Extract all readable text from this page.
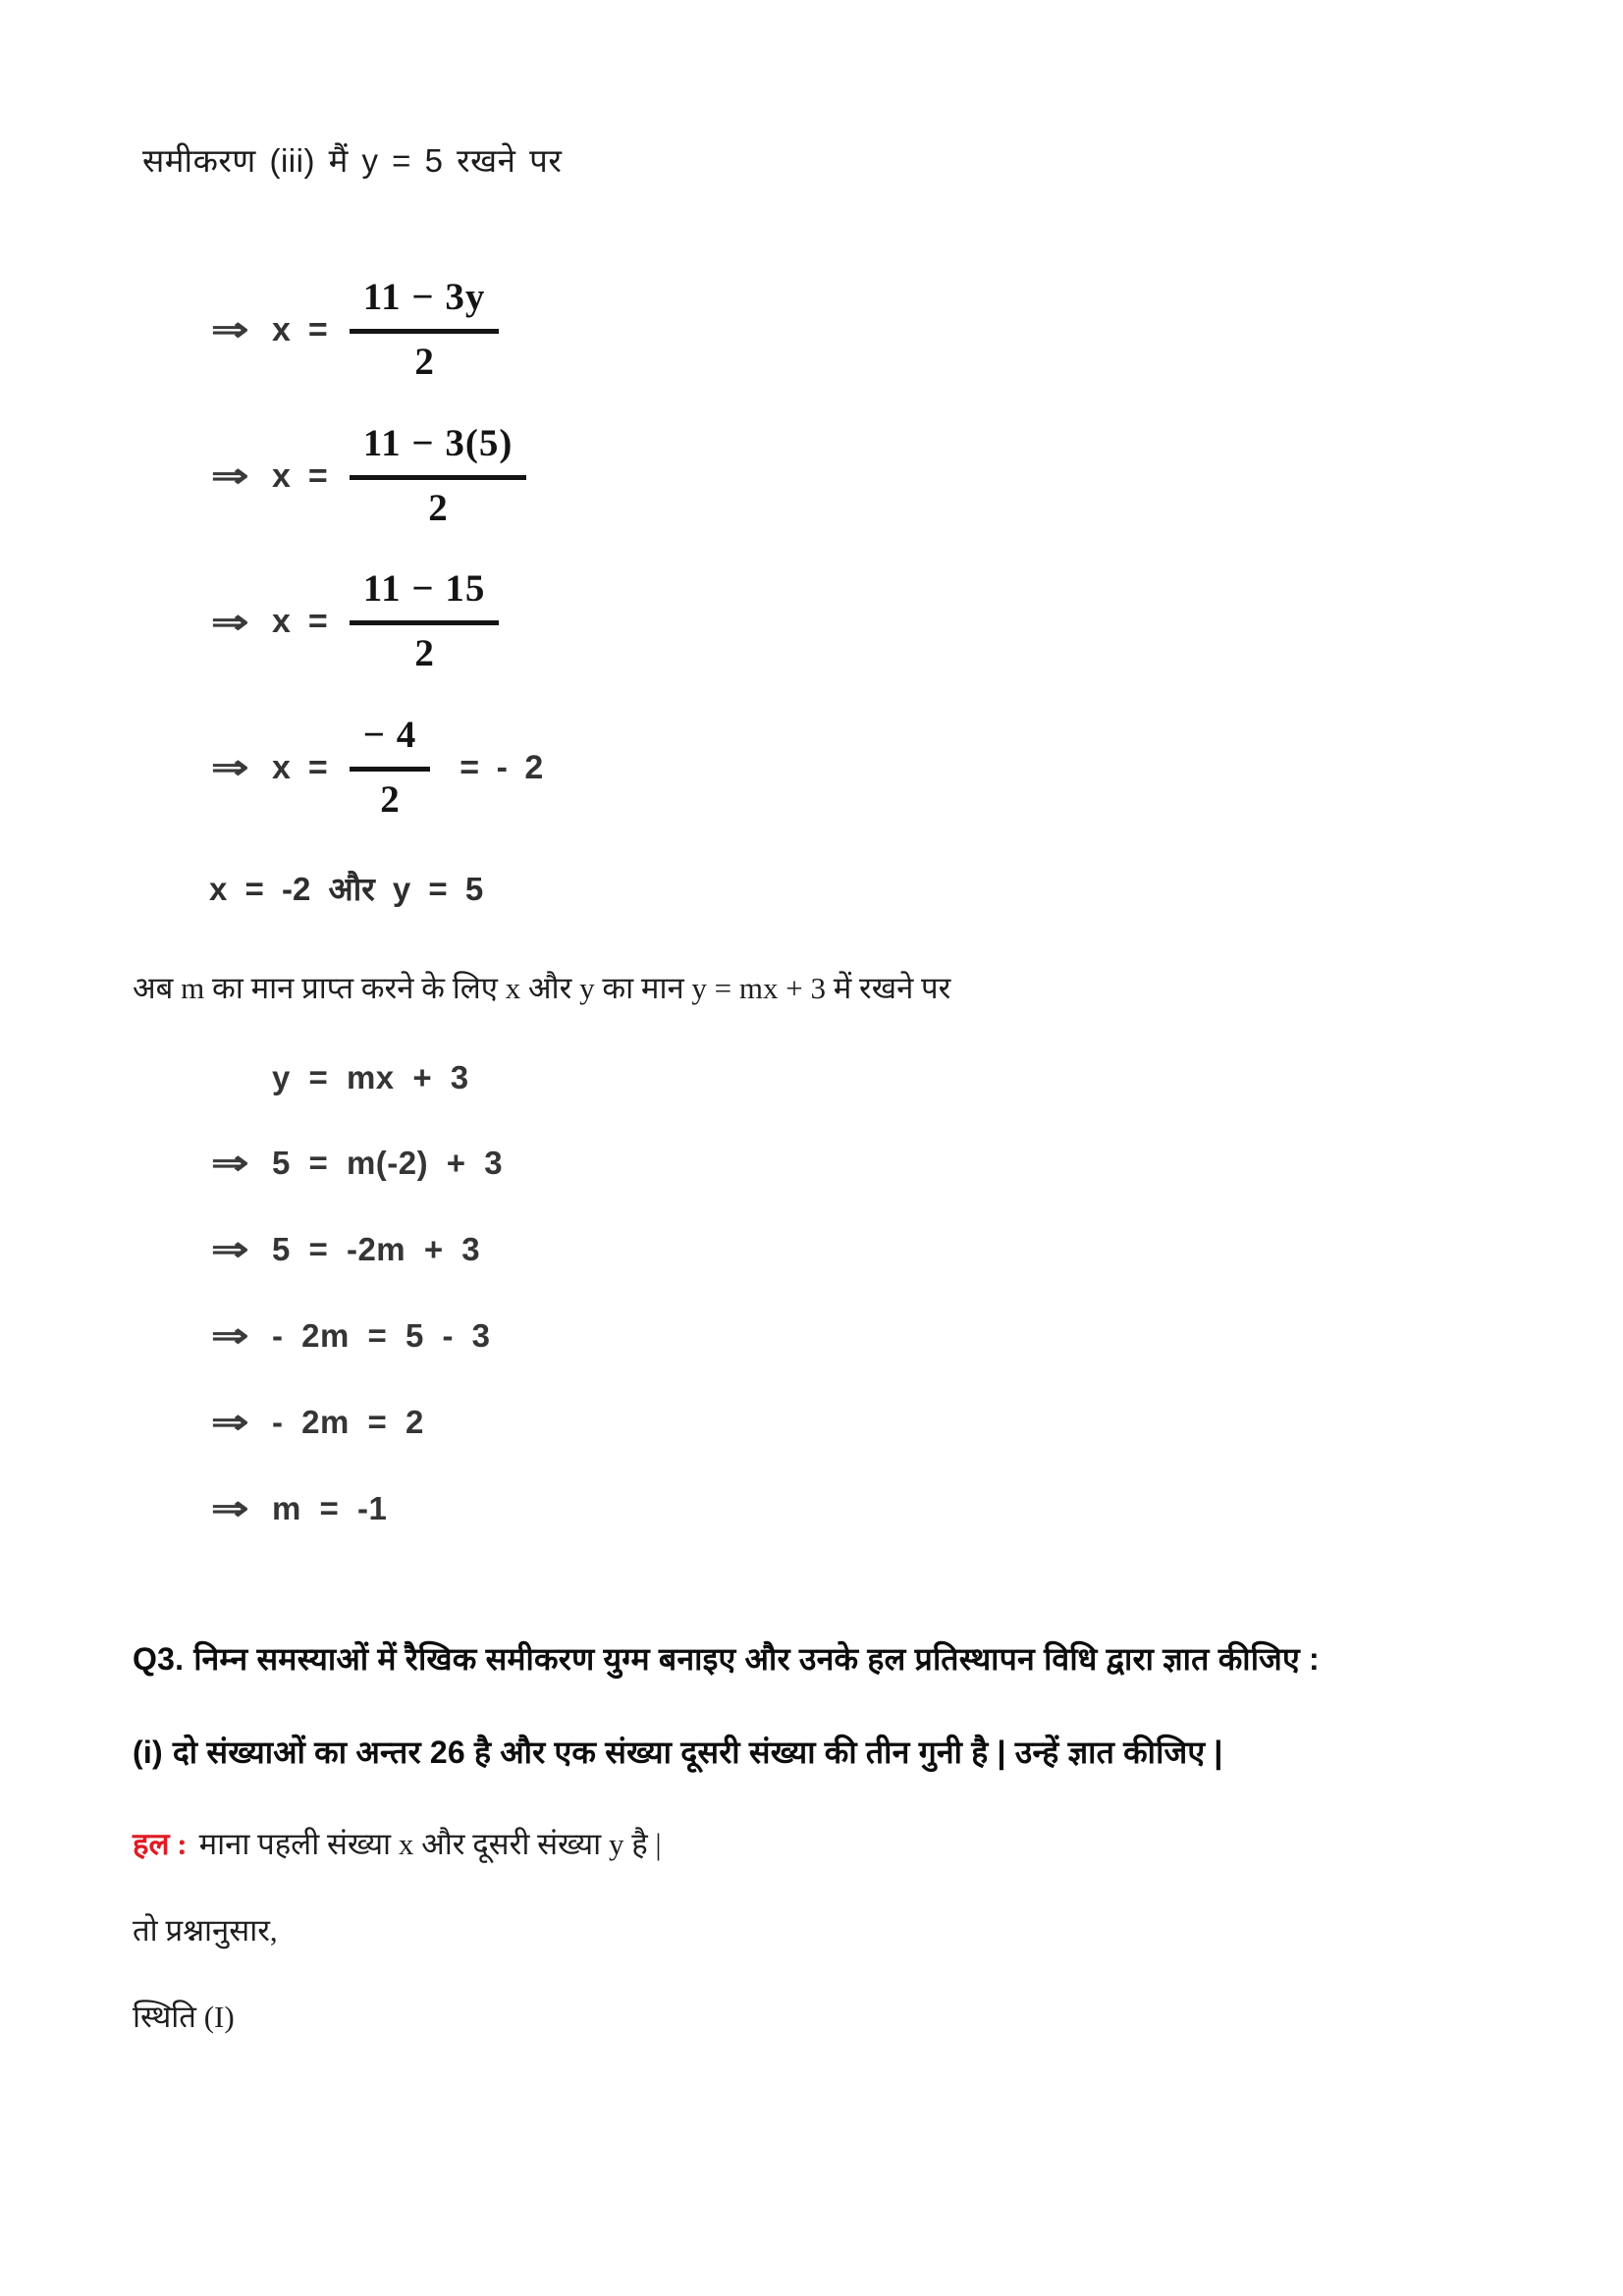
समीकरण (iii) मैं y = 5 रखने पर
⇒ $x = \frac{11 - 3y}{2}$
⇒ $x = \frac{11 - 3(5)}{2}$
⇒ $x = \frac{11 - 15}{2}$
⇒ $x = \frac{- 4}{2}$ = - 2
x = -2 और y = 5
अब m का मान प्राप्त करने के लिए x और y का मान y = mx + 3 में रखने पर
y = mx + 3
⇒ 5 = m(-2) + 3
⇒ 5 = -2m + 3
⇒ - 2m = 5 - 3
⇒ - 2m = 2
⇒ m = -1
Q3. निम्न समस्याओं में रैखिक समीकरण युग्म बनाइए और उनके हल प्रतिस्थापन विधि द्वारा ज्ञात कीजिए :
(i) दो संख्याओं का अन्तर 26 है और एक संख्या दूसरी संख्या की तीन गुनी है | उन्हें ज्ञात कीजिए |
हल : माना पहली संख्या x और दूसरी संख्या y है |
तो प्रश्नानुसार,
स्थिति (I)
